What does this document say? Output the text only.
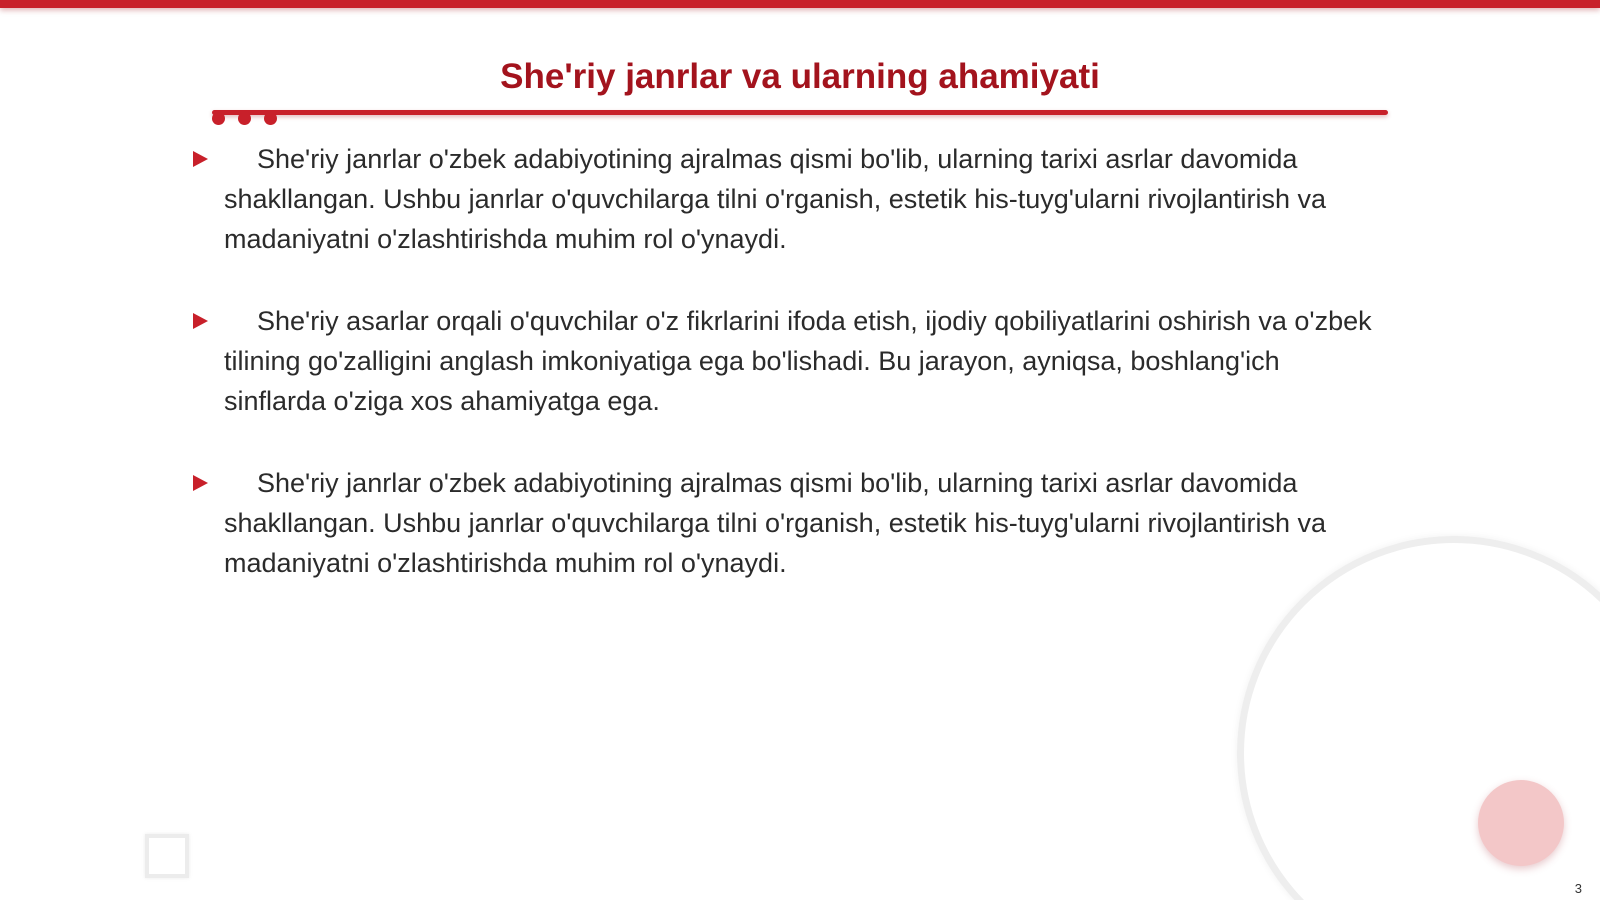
She'riy janrlar va ularning ahamiyati
She'riy janrlar o'zbek adabiyotining ajralmas qismi bo'lib, ularning tarixi asrlar davomida shakllangan. Ushbu janrlar o'quvchilarga tilni o'rganish, estetik his-tuyg'ularni rivojlantirish va madaniyatni o'zlashtirishda muhim rol o'ynaydi.
She'riy asarlar orqali o'quvchilar o'z fikrlarini ifoda etish, ijodiy qobiliyatlarini oshirish va o'zbek tilining go'zalligini anglash imkoniyatiga ega bo'lishadi. Bu jarayon, ayniqsa, boshlang'ich sinflarda o'ziga xos ahamiyatga ega.
She'riy janrlar o'zbek adabiyotining ajralmas qismi bo'lib, ularning tarixi asrlar davomida shakllangan. Ushbu janrlar o'quvchilarga tilni o'rganish, estetik his-tuyg'ularni rivojlantirish va madaniyatni o'zlashtirishda muhim rol o'ynaydi.
3
